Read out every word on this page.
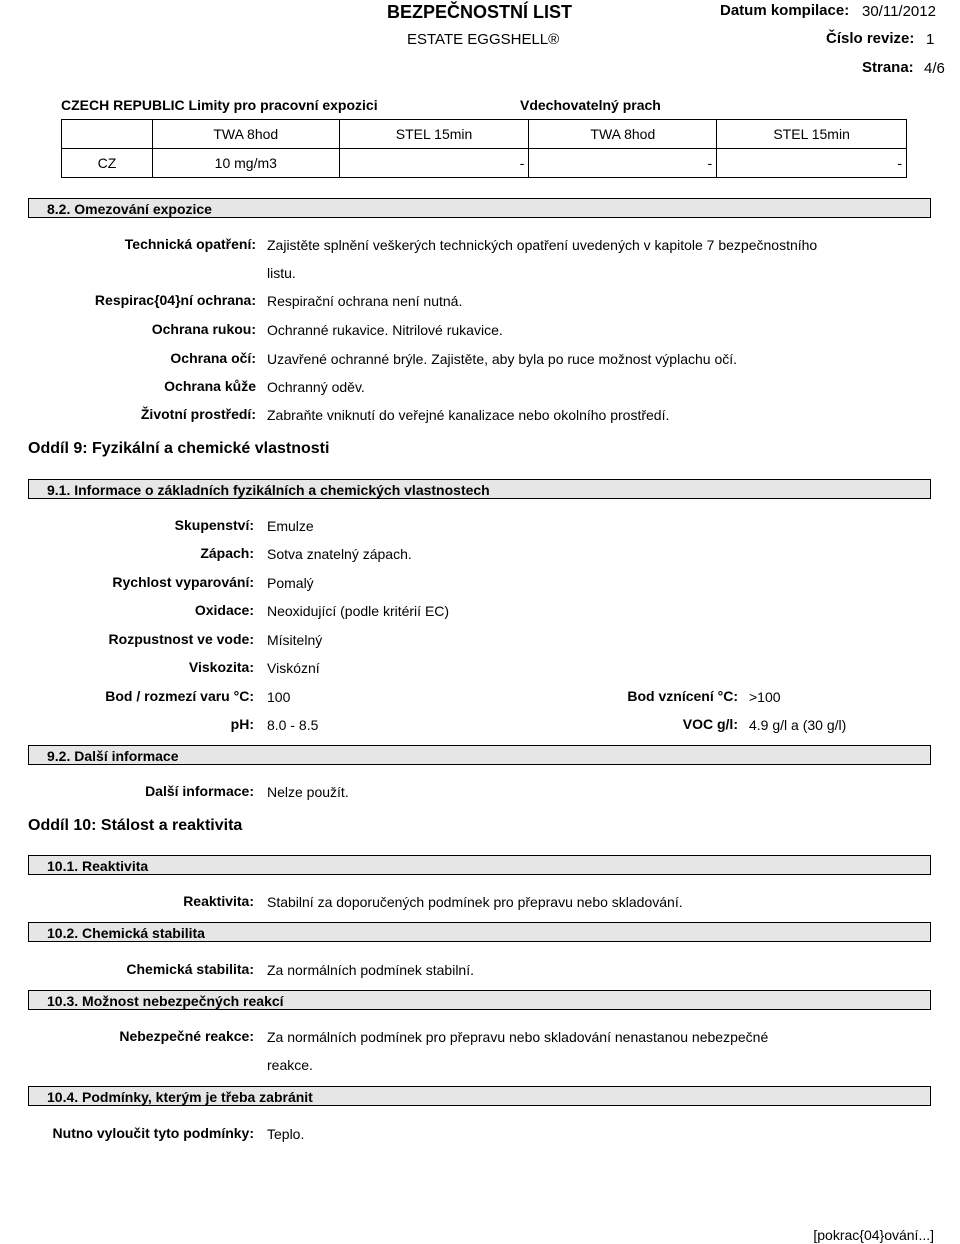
BEZPEČNOSTNÍ LIST
ESTATE EGGSHELL®
Datum kompilace: 30/11/2012
Číslo revize: 1
Strana: 4/6
CZECH REPUBLIC Limity pro pracovní expozici	Vdechovatelný prach
	TWA 8hod	STEL 15min	TWA 8hod	STEL 15min
CZ	10 mg/m3	-	-	-
8.2. Omezování expozice
Technická opatření: Zajistěte splnění veškerých technických opatření uvedených v kapitole 7 bezpečnostního
listu.
Respirac{04}ní ochrana: Respirační ochrana není nutná.
Ochrana rukou: Ochranné rukavice. Nitrilové rukavice.
Ochrana očí: Uzavřené ochranné brýle. Zajistěte, aby byla po ruce možnost výplachu očí.
Ochrana kůže Ochranný oděv.
Životní prostředí: Zabraňte vniknutí do veřejné kanalizace nebo okolního prostředí.
Oddíl 9: Fyzikální a chemické vlastnosti
9.1. Informace o základních fyzikálních a chemických vlastnostech
Skupenství: Emulze
Zápach: Sotva znatelný zápach.
Rychlost vyparování: Pomalý
Oxidace: Neoxidující (podle kritérií EC)
Rozpustnost ve vode: Mísitelný
Viskozita: Viskózní
Bod / rozmezí varu °C: 100
pH: 8.0 - 8.5
Bod vznícení °C: >100
VOC g/l: 4.9 g/l a (30 g/l)
9.2. Další informace
Další informace: Nelze použít.
Oddíl 10: Stálost a reaktivita
10.1. Reaktivita
Reaktivita: Stabilní za doporučených podmínek pro přepravu nebo skladování.
10.2. Chemická stabilita
Chemická stabilita: Za normálních podmínek stabilní.
10.3. Možnost nebezpečných reakcí
Nebezpečné reakce: Za normálních podmínek pro přepravu nebo skladování nenastanou nebezpečné
reakce.
10.4. Podmínky, kterým je třeba zabránit
Nutno vyloučit tyto podmínky: Teplo.
[pokrac{04}ování...]
